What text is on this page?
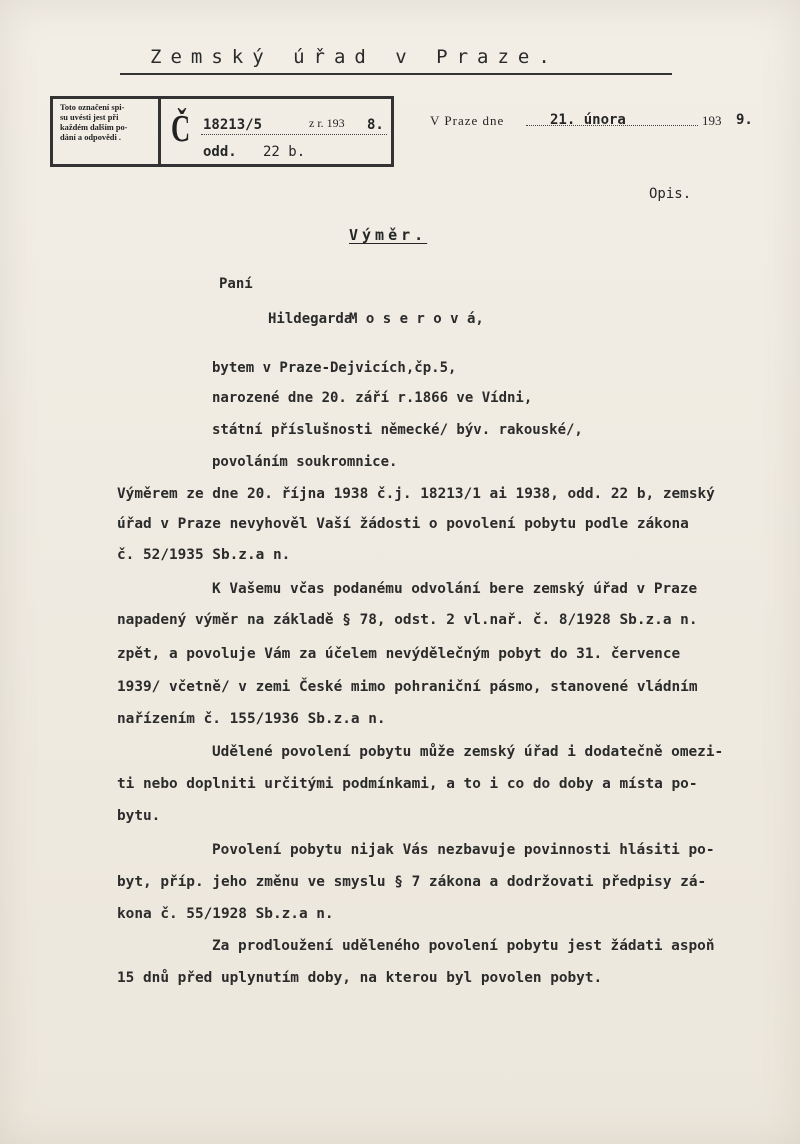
Zemský úřad v Praze.
Toto označení spi-
su uvésti jest při
každém dalším po-
dání a odpovědi .	Č 18213/5	z r. 193 8.
odd. 22 b.
V Praze dne	21. února	193 9.
Opis.
Výměr.
Paní
Hildegarda
M o s e r o v á,
bytem v Praze-Dejvicích,čp.5,
narozené dne 20. září r.1866 ve Vídni,
státní příslušnosti německé/ býv. rakouské/,
povoláním soukromnice.
Výměrem ze dne 20. října 1938 č.j. 18213/1 ai 1938, odd. 22 b, zemský
úřad v Praze nevyhověl Vaší žádosti o povolení pobytu podle zákona
č. 52/1935 Sb.z.a n.
K Vašemu včas podanému odvolání bere zemský úřad v Praze
napadený výměr na základě § 78, odst. 2 vl.nař. č. 8/1928 Sb.z.a n.
zpět, a povoluje Vám za účelem nevýdělečným pobyt do 31. července
1939/ včetně/ v zemi České mimo pohraniční pásmo, stanovené vládním
nařízením č. 155/1936 Sb.z.a n.
Udělené povolení pobytu může zemský úřad i dodatečně omezi-
ti nebo doplniti určitými podmínkami, a to i co do doby a místa po-
bytu.
Povolení pobytu nijak Vás nezbavuje povinnosti hlásiti po-
byt, příp. jeho změnu ve smyslu § 7 zákona a dodržovati předpisy zá-
kona č. 55/1928 Sb.z.a n.
Za prodloužení uděleného povolení pobytu jest žádati aspoň
15 dnů před uplynutím doby, na kterou byl povolen pobyt.
